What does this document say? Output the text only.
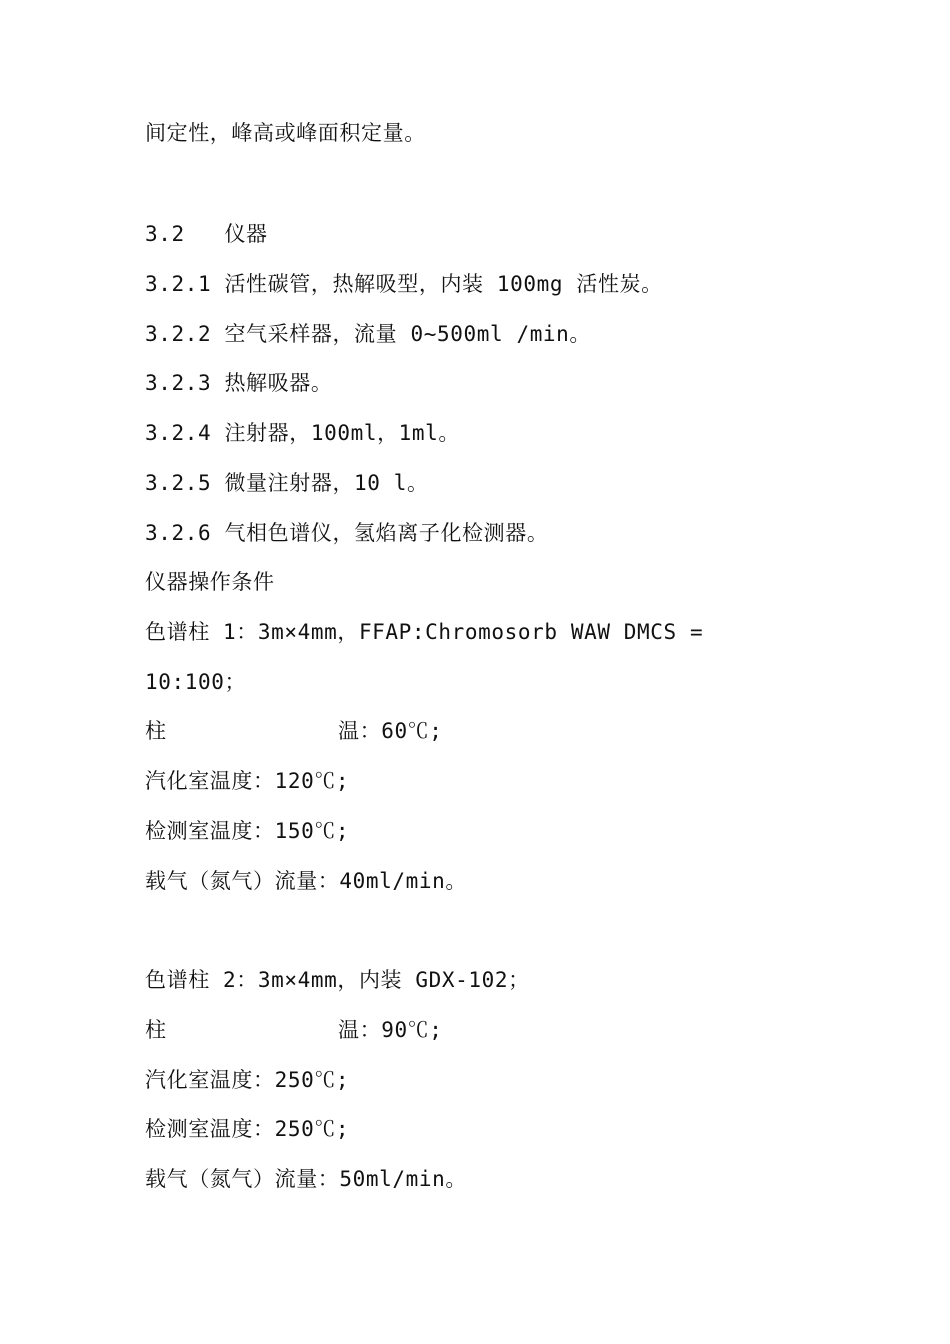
间定性，峰高或峰面积定量。
3.2   仪器
3.2.1 活性碳管，热解吸型，内装 100mg 活性炭。
3.2.2 空气采样器，流量 0~500ml /min。
3.2.3 热解吸器。
3.2.4 注射器，100ml，1ml。
3.2.5 微量注射器，10 l。
3.2.6 气相色谱仪，氢焰离子化检测器。
仪器操作条件
色谱柱 1：3m×4mm，FFAP:Chromosorb WAW DMCS =
10:100；

柱

	温：60℃;

汽化室温度：120℃;
检测室温度：150℃;
载气（氮气）流量：40ml/min。
色谱柱 2：3m×4mm，内装 GDX-102；

柱

	温：90℃;

汽化室温度：250℃;
检测室温度：250℃;
载气（氮气）流量：50ml/min。
